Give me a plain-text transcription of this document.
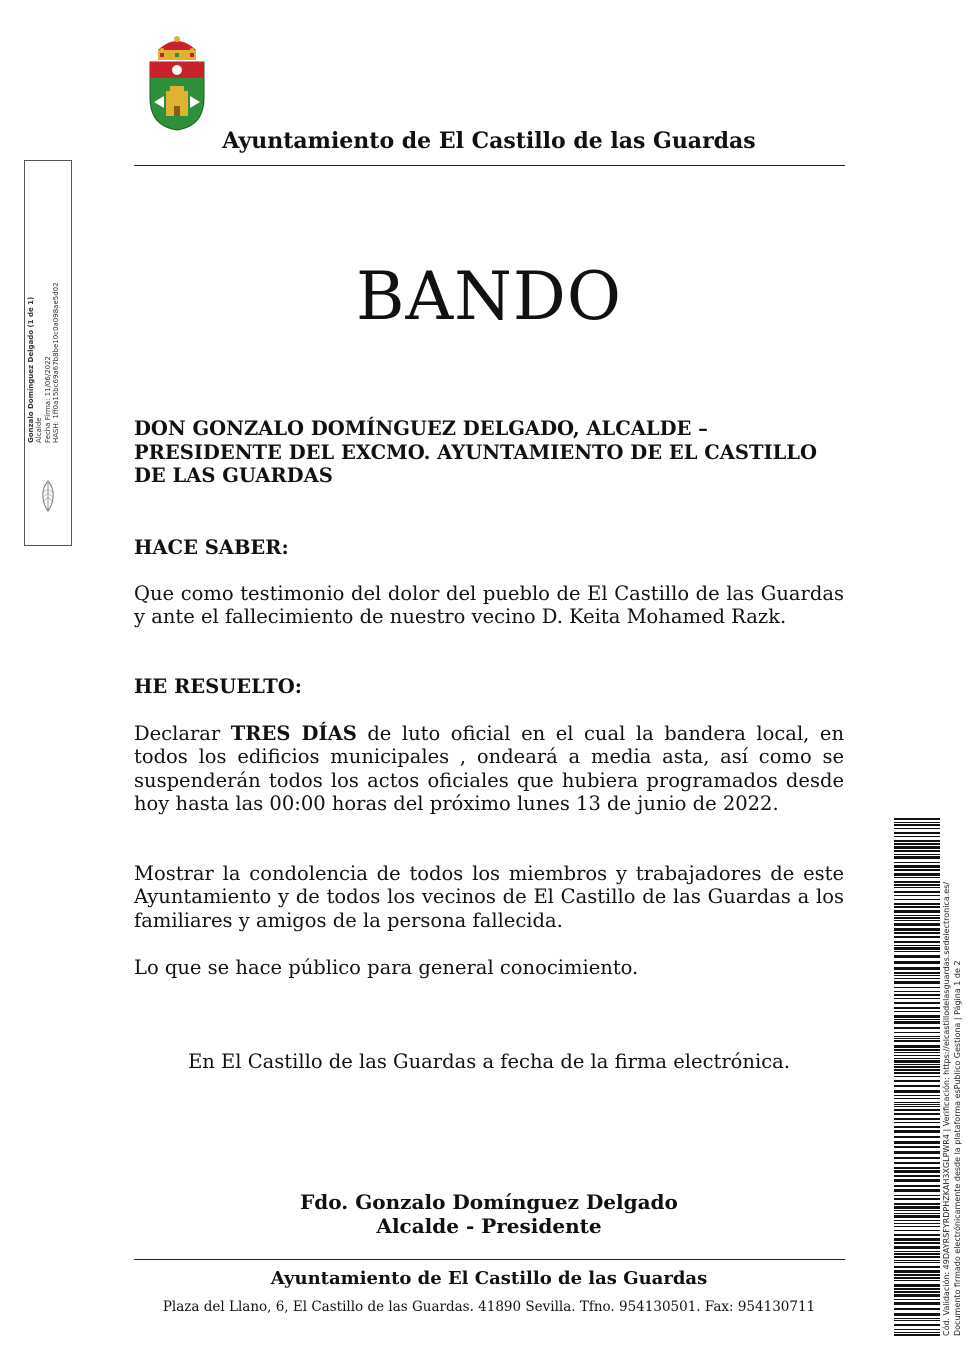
Ayuntamiento de El Castillo de las Guardas
BANDO
DON GONZALO DOMÍNGUEZ DELGADO, ALCALDE –
PRESIDENTE DEL EXCMO. AYUNTAMIENTO DE EL CASTILLO
DE LAS GUARDAS
HACE SABER:
Que como testimonio del dolor del pueblo de El Castillo de las Guardas y ante el fallecimiento de nuestro vecino D. Keita Mohamed Razk.
HE RESUELTO:
Declarar TRES DÍAS de luto oficial en el cual la bandera local, en todos los edificios municipales , ondeará a media asta, así como se suspenderán todos los actos oficiales que hubiera programados desde hoy hasta las 00:00 horas del próximo lunes 13 de junio de 2022.
Mostrar la condolencia de todos los miembros y trabajadores de este Ayuntamiento y de todos los vecinos de El Castillo de las Guardas a los familiares y amigos de la persona fallecida.
Lo que se hace público para general conocimiento.
En El Castillo de las Guardas a fecha de la firma electrónica.
Fdo. Gonzalo Domínguez Delgado
Alcalde - Presidente
Ayuntamiento de El Castillo de las Guardas
Plaza del Llano, 6, El Castillo de las Guardas. 41890 Sevilla. Tfno. 954130501. Fax: 954130711
Gonzalo Domínguez Delgado (1 de 1) Alcalde Fecha Firma: 11/06/2022 HASH: 1ff0a15bc69a67b8be10c0a098ae5d02
Cód. Validación: 49DAYRSFYRDPHZKAH3XGLPWR4 | Verificación: https://elcastillodelasguardas.sedelectronica.es/ Documento firmado electrónicamente desde la plataforma esPublico Gestiona | Página 1 de 2
